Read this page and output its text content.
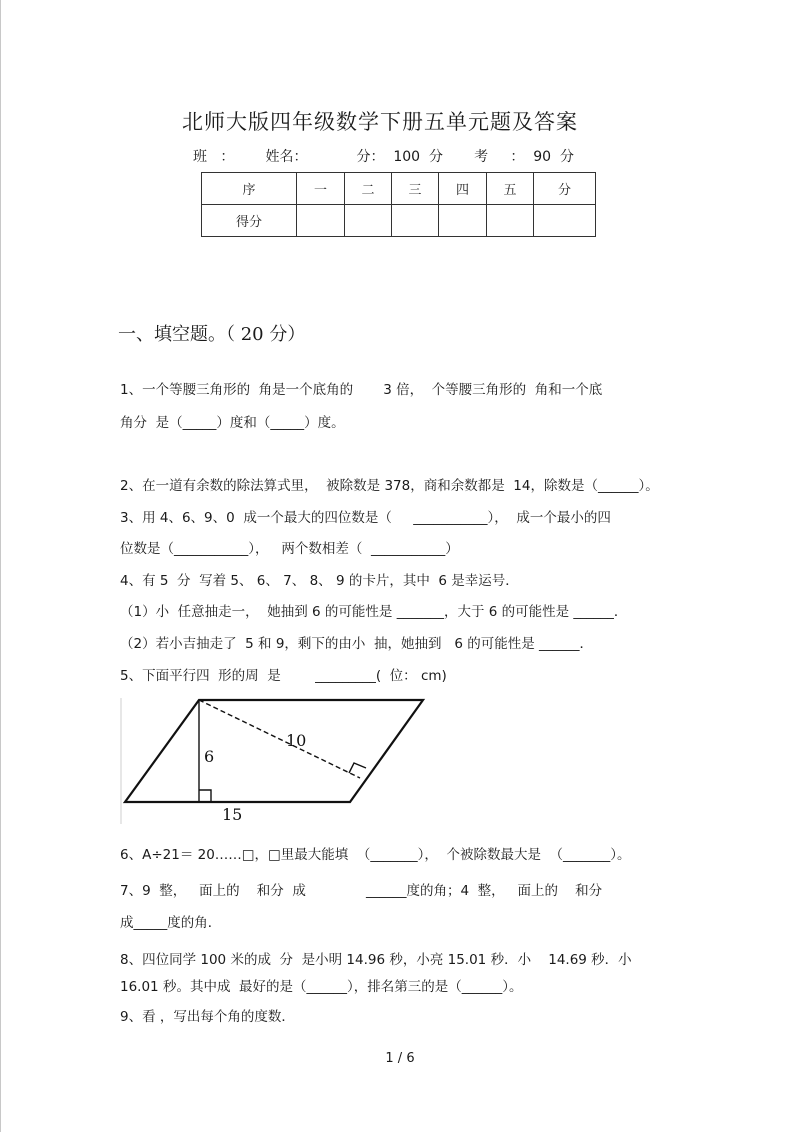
北师大版四年级数学下册五单元题及答案
班   ：       姓名：           分：  100  分       考     ：  90  分
序	一	二	三	四	五	分
得分						
一、填空题。（ 20 分）
1、一个等腰三角形的  角是一个底角的       3 倍，  个等腰三角形的  角和一个底
角分  是（_____）度和（_____）度。
2、在一道有余数的除法算式里，  被除数是 378，商和余数都是  14，除数是（______）。
3、用 4、6、9、0  成一个最大的四位数是（     ___________），  成一个最小的四
位数是（___________），   两个数相差（  ___________）
4、有 5  分  写着 5、 6、 7、 8、 9 的卡片，其中  6 是幸运号．
（1）小  任意抽走一，  她抽到 6 的可能性是 _______，大于 6 的可能性是 ______．
（2）若小吉抽走了  5 和 9，剩下的由小  抽，她抽到   6 的可能性是 ______．
5、下面平行四  形的周  是        _________(  位： cm)
10
6
15
6、A÷21＝ 20……□，□里最大能填  （_______），  个被除数最大是  （_______）。
7、9  整，   面上的    和分  成              ______度的角；4  整，   面上的    和分
成_____度的角．
8、四位同学 100 米的成  分  是小明 14.96 秒，小亮 15.01 秒．小    14.69 秒．小
16.01 秒。其中成  最好的是（______），排名第三的是（______）。
9、看 ，写出每个角的度数．
1 / 6
